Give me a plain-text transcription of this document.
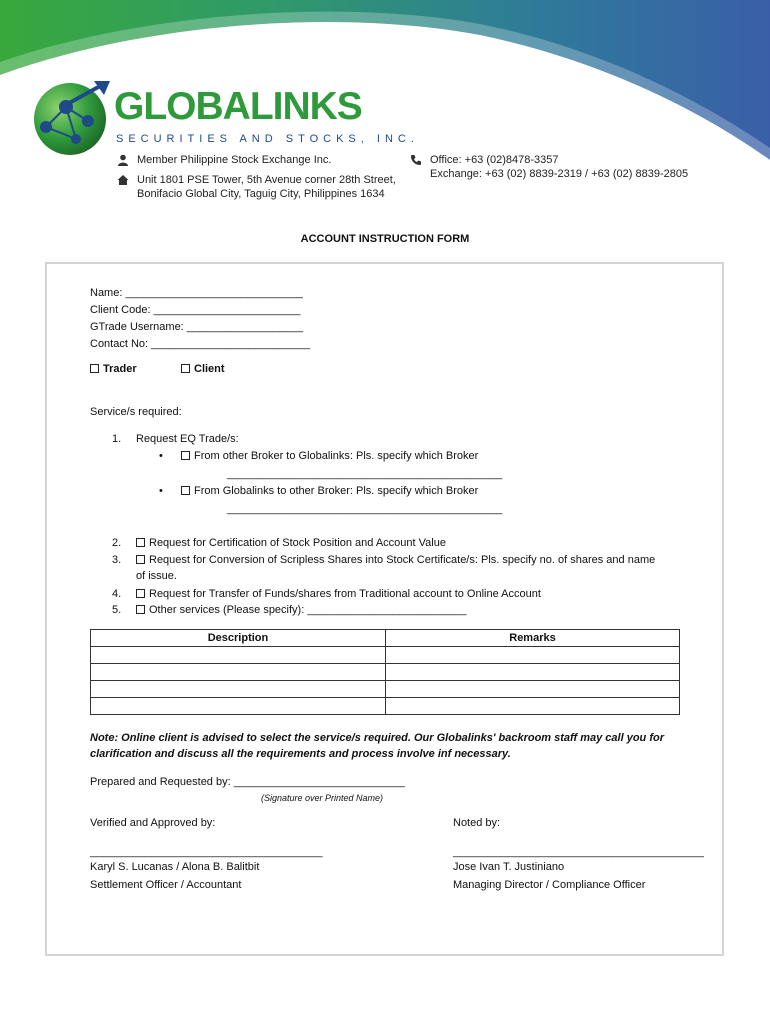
GLOBALINKS
SECURITIES AND STOCKS, INC.
Member Philippine Stock Exchange Inc.
Unit 1801 PSE Tower, 5th Avenue corner 28th Street,
Bonifacio Global City, Taguig City, Philippines 1634
Office: +63 (02)8478-3357
Exchange: +63 (02) 8839-2319 / +63 (02) 8839-2805
ACCOUNT INSTRUCTION FORM
Name: _____________________________
Client Code: ________________________
GTrade Username: ___________________
Contact No: __________________________
Trader	Client
Service/s required:
1. Request EQ Trade/s:
•	From other Broker to Globalinks: Pls. specify which Broker
_____________________________________________
•	From Globalinks to other Broker: Pls. specify which Broker
_____________________________________________
2.	Request for Certification of Stock Position and Account Value
3.	Request for Conversion of Scripless Shares into Stock Certificate/s: Pls. specify no. of shares and name
of issue.
4.	Request for Transfer of Funds/shares from Traditional account to Online Account
5.	Other services (Please specify): __________________________
Description	Remarks

Note: Online client is advised to select the service/s required. Our Globalinks' backroom staff may call you for
clarification and discuss all the requirements and process involve inf necessary.
Prepared and Requested by: ____________________________
(Signature over Printed Name)
Verified and Approved by:	Noted by:
______________________________________	_________________________________________
Karyl S. Lucanas / Alona B. Balitbit	Jose Ivan T. Justiniano
Settlement Officer / Accountant	Managing Director / Compliance Officer
